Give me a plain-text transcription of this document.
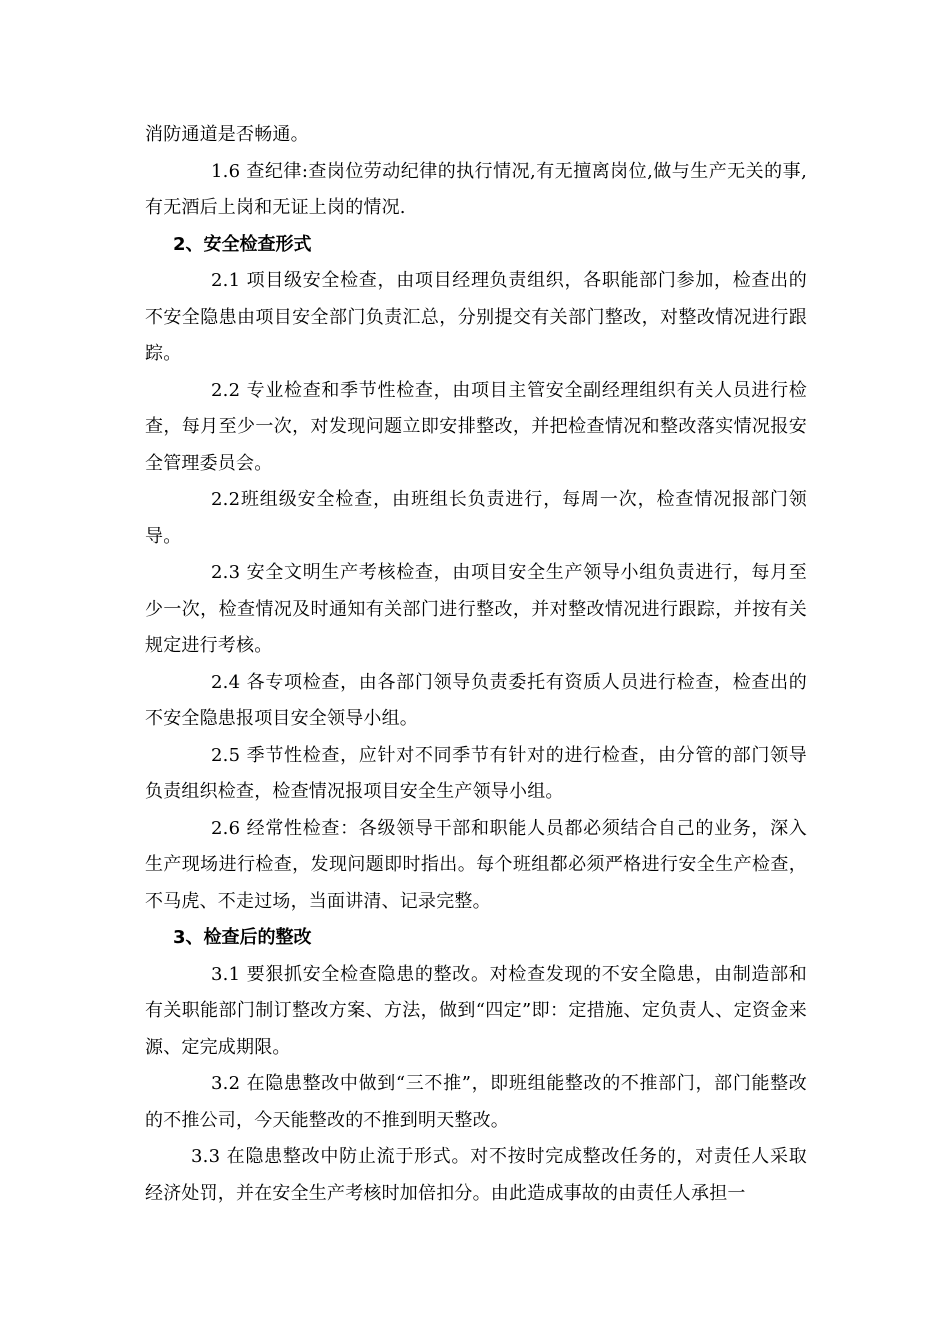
消防通道是否畅通。

1.6 查纪律:查岗位劳动纪律的执行情况,有无擅离岗位,做与生产无关的事,有无酒后上岗和无证上岗的情况.

2、安全检查形式

2.1 项目级安全检查，由项目经理负责组织，各职能部门参加，检查出的不安全隐患由项目安全部门负责汇总，分别提交有关部门整改，对整改情况进行跟踪。

2.2 专业检查和季节性检查，由项目主管安全副经理组织有关人员进行检查，每月至少一次，对发现问题立即安排整改，并把检查情况和整改落实情况报安全管理委员会。

2.2班组级安全检查，由班组长负责进行，每周一次，检查情况报部门领导。

2.3 安全文明生产考核检查，由项目安全生产领导小组负责进行，每月至少一次，检查情况及时通知有关部门进行整改，并对整改情况进行跟踪，并按有关规定进行考核。

2.4 各专项检查，由各部门领导负责委托有资质人员进行检查，检查出的不安全隐患报项目安全领导小组。

2.5 季节性检查，应针对不同季节有针对的进行检查，由分管的部门领导负责组织检查，检查情况报项目安全生产领导小组。

2.6 经常性检查：各级领导干部和职能人员都必须结合自己的业务，深入生产现场进行检查，发现问题即时指出。每个班组都必须严格进行安全生产检查，不马虎、不走过场，当面讲清、记录完整。

3、检查后的整改

3.1 要狠抓安全检查隐患的整改。对检查发现的不安全隐患，由制造部和有关职能部门制订整改方案、方法，做到“四定”即：定措施、定负责人、定资金来源、定完成期限。

3.2 在隐患整改中做到“三不推”，即班组能整改的不推部门，部门能整改的不推公司，今天能整改的不推到明天整改。

3.3 在隐患整改中防止流于形式。对不按时完成整改任务的，对责任人采取经济处罚，并在安全生产考核时加倍扣分。由此造成事故的由责任人承担一
